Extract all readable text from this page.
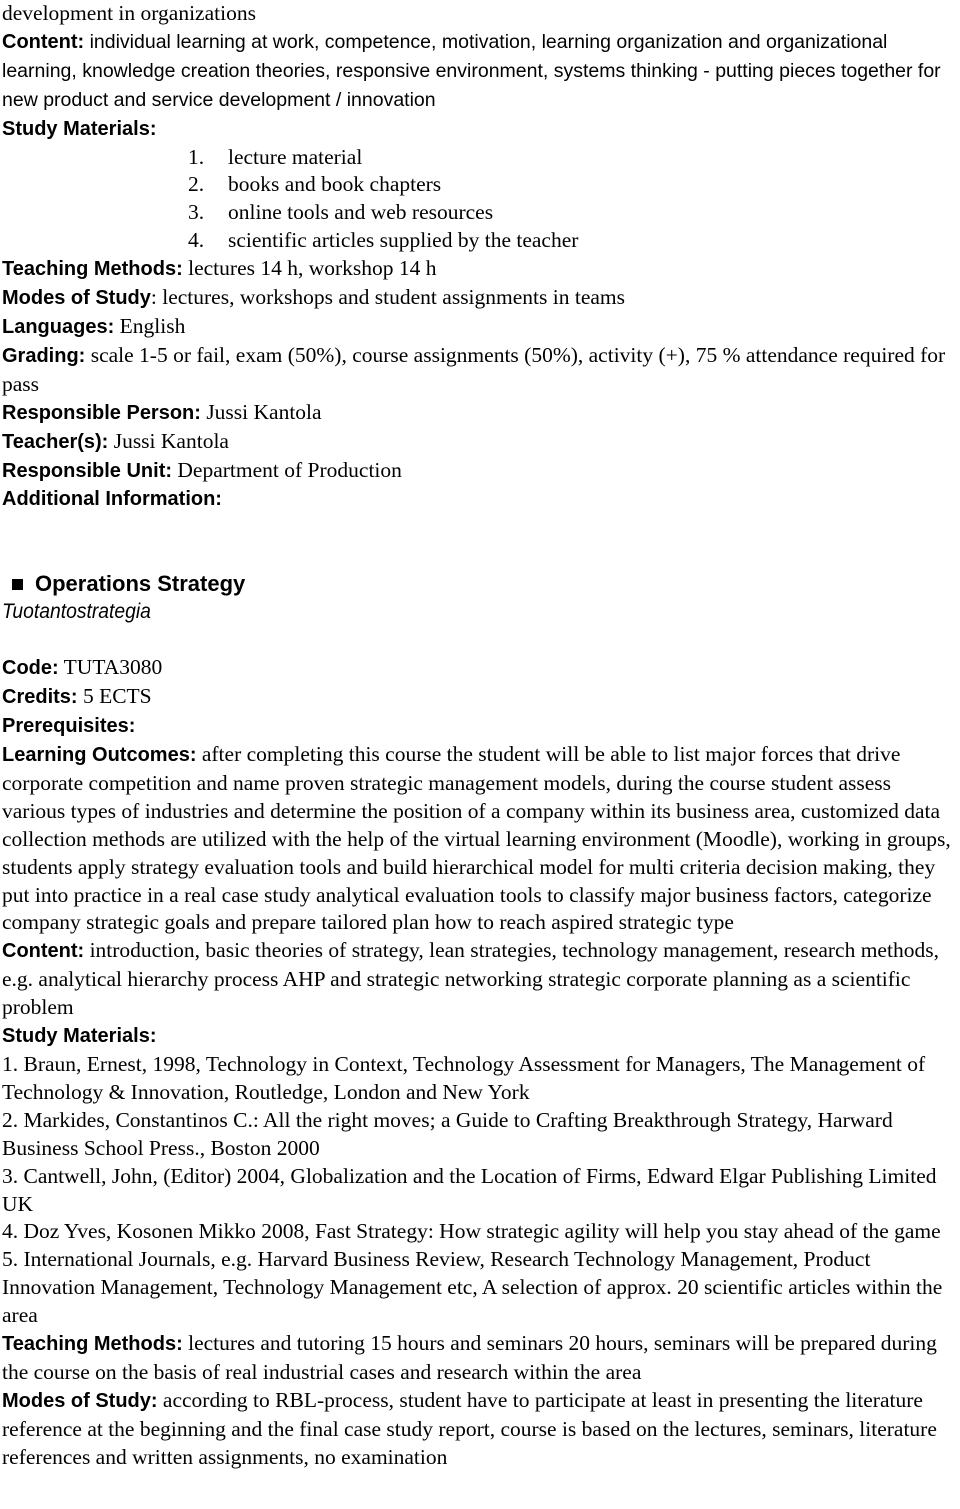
development in organizations

Content: individual learning at work, competence, motivation, learning organization and organizational learning, knowledge creation theories, responsive environment, systems thinking - putting pieces together for new product and service development / innovation

Study Materials:

1. lecture material
2. books and book chapters
3. online tools and web resources
4. scientific articles supplied by the teacher

Teaching Methods: lectures 14 h, workshop 14 h

Modes of Study: lectures, workshops and student assignments in teams

Languages: English

Grading: scale 1-5 or fail, exam (50%), course assignments (50%), activity (+), 75 % attendance required for pass

Responsible Person: Jussi Kantola

Teacher(s): Jussi Kantola

Responsible Unit: Department of Production

Additional Information:

Operations Strategy

Tuotantostrategia

Code: TUTA3080

Credits: 5 ECTS

Prerequisites:

Learning Outcomes: after completing this course the student will be able to list major forces that drive corporate competition and name proven strategic management models, during the course student assess various types of industries and determine the position of a company within its business area, customized data collection methods are utilized with the help of the virtual learning environment (Moodle), working in groups, students apply strategy evaluation tools and build hierarchical model for multi criteria decision making, they put into practice in a real case study analytical evaluation tools to classify major business factors, categorize company strategic goals and prepare tailored plan how to reach aspired strategic type

Content: introduction, basic theories of strategy, lean strategies, technology management, research methods, e.g. analytical hierarchy process AHP and strategic networking strategic corporate planning as a scientific problem

Study Materials:

1. Braun, Ernest, 1998, Technology in Context, Technology Assessment for Managers, The Management of Technology & Innovation, Routledge, London and New York

2. Markides, Constantinos C.: All the right moves; a Guide to Crafting Breakthrough Strategy, Harward Business School Press., Boston 2000

3. Cantwell, John, (Editor) 2004, Globalization and the Location of Firms, Edward Elgar Publishing Limited UK

4. Doz Yves, Kosonen Mikko 2008, Fast Strategy: How strategic agility will help you stay ahead of the game

5. International Journals, e.g. Harvard Business Review, Research Technology Management, Product Innovation Management, Technology Management etc, A selection of approx. 20 scientific articles within the area

Teaching Methods: lectures and tutoring 15 hours and seminars 20 hours, seminars will be prepared during the course on the basis of real industrial cases and research within the area

Modes of Study: according to RBL-process, student have to participate at least in presenting the literature reference at the beginning and the final case study report, course is based on the lectures, seminars, literature references and written assignments, no examination
